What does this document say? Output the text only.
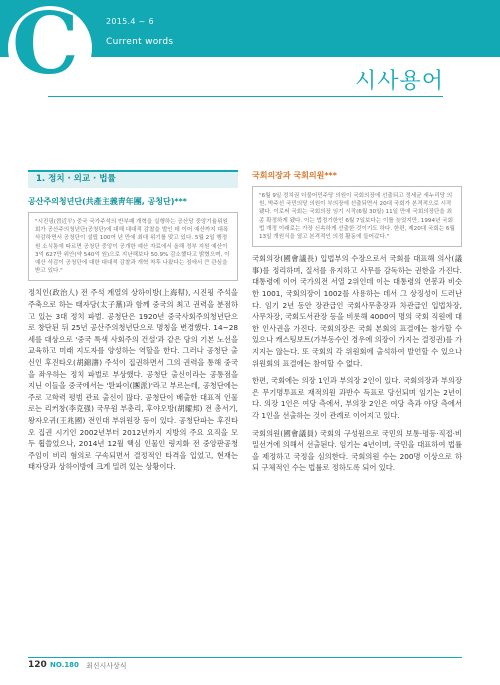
C	2015.4 ~ 6
Current words
시사용어
1. 정치 · 외교 · 법률
공산주의청년단(共產主義靑年團, 공청단)***
"시진핑(習近平) 중국 국가주석의 반부패 개혁을 실행하는 공산당 중앙기율위원회가 공산주의청년단(공청단)에 대해 대대적 감찰을 벌인 데 이어 예산까지 대폭 삭감하면서 공청단이 설립 100여 년 만에 최대 위기를 맞고 있다. 5월 2일 행정원 소식통에 따르면 공청단 중앙이 공개한 예산 자료에서 올해 정부 지원 예산이 3억 627만 위안(약 540억 원)으로 지난해보다 50.9% 감소했다고 밝혔으며, 이 예산 삭감이 공청단에 대한 대대적 감찰과 개혁 착후 나왔다는 점에서 큰 관심을 받고 있다."
정치인(政治人) 전 주석 계열의 상하이방(上海幇), 시진핑 주석을 주축으로 하는 태자당(太子黨)과 함께 중국의 최고 권력을 분점하고 있는 3대 정치 파벌. 공청단은 1920년 중국사회주의청년단으로 창단된 뒤 25년 공산주의청년단으로 명칭을 변경했다. 14~28세를 대상으로 '중국 특색 사회주의 건설'과 같은 당의 기본 노선을 교육하고 미래 지도자를 양성하는 역할을 한다. 그러나 공청단 출신인 후진타오(胡錦濤) 주석이 집권하면서 그의 권력을 통해 중국을 좌우하는 정치 파벌로 부상했다. 공청단 출신이라는 공통점을 지닌 이들을 중국에서는 '퇀파이(團派)'라고 부르는데, 공청단에는 주로 고학력 평범 관료 출신이 많다. 공청단이 배출한 대표적 인물로는 리커창(李克强) 국무원 부총리, 후야오방(胡耀邦) 전 총서기, 왕자오귀(王兆國) 전인대 부위원장 등이 있다. 공청단파는 후진타오 집권 시기인 2002년부터 2012년까지 지방의 주요 요직을 모두 휩쓸었으나, 2014년 12월 핵심 인물인 링지화 전 중앙판공청 주임이 비리 혐의로 구속되면서 결정적인 타격을 입었고, 현재는 태자당과 상하이방에 크게 밀려 있는 상황이다.
국회의장과 국회의원***
"6월 9일 정치권 더불어민주당 의원이 국회의장에 선출되고 정세균 새누리당 의원, 박주선 국민의당 의원이 부의장에 선출되면서 20대 국회가 본격적으로 시작됐다. 이로써 국회는 국회의장 임기 시작(6월 30일) 11일 만에 국회의장단을 최종 확정하게 됐다. 이는 법정기한인 6월 7일보다는 이틀 늦었지만, 1994년 국회법 개정 이래로는 가장 신속하게 선출한 것이기도 하다. 한편, 제20대 국회는 6월 13일 개원식을 열고 본격적인 의정 활동에 들어갔다."
국회의장(國會議長) 입법부의 수장으로서 국회를 대표해 의사(議事)를 정리하며, 질서를 유지하고 사무를 감독하는 권한을 가진다. 대통령에 이어 국가의전 서열 2위인데 이는 대통령의 연봉과 비슷한 1001, 국회의장이 1002를 사용하는 데서 그 상징성이 드러난다. 임기 2년 동안 장관급인 국회사무총장과 차관급인 입법차장, 사무차장, 국회도서관장 등을 비롯해 4000여 명의 국회 직원에 대한 인사권을 가진다. 국회의장은 국회 본회의 표결에는 참가할 수 있으나 캐스팅보트(가부동수인 경우에 의장이 가지는 결정권)를 가지지는 않는다. 또 국회의 각 위원회에 출석하여 발언할 수 있으나 위원회의 표결에는 참여할 수 없다.
한편, 국회에는 의장 1인과 부의장 2인이 있다. 국회의장과 부의장은 무기명투표로 재적의원 과반수 득표로 당선되며 임기는 2년이다. 의장 1인은 여당 측에서, 부의장 2인은 여당 측과 야당 측에서 각 1인을 선출하는 것이 관례로 이어지고 있다.
국회의원(國會議員) 국회의 구성원으로 국민의 보통·평등·직접·비밀선거에 의해서 선출된다. 임기는 4년이며, 국민을 대표하여 법률을 제정하고 국정을 심의한다. 국회의원 수는 200명 이상으로 하되 구체적인 수는 법률로 정하도록 되어 있다.
120 NO.180 최신시사상식
